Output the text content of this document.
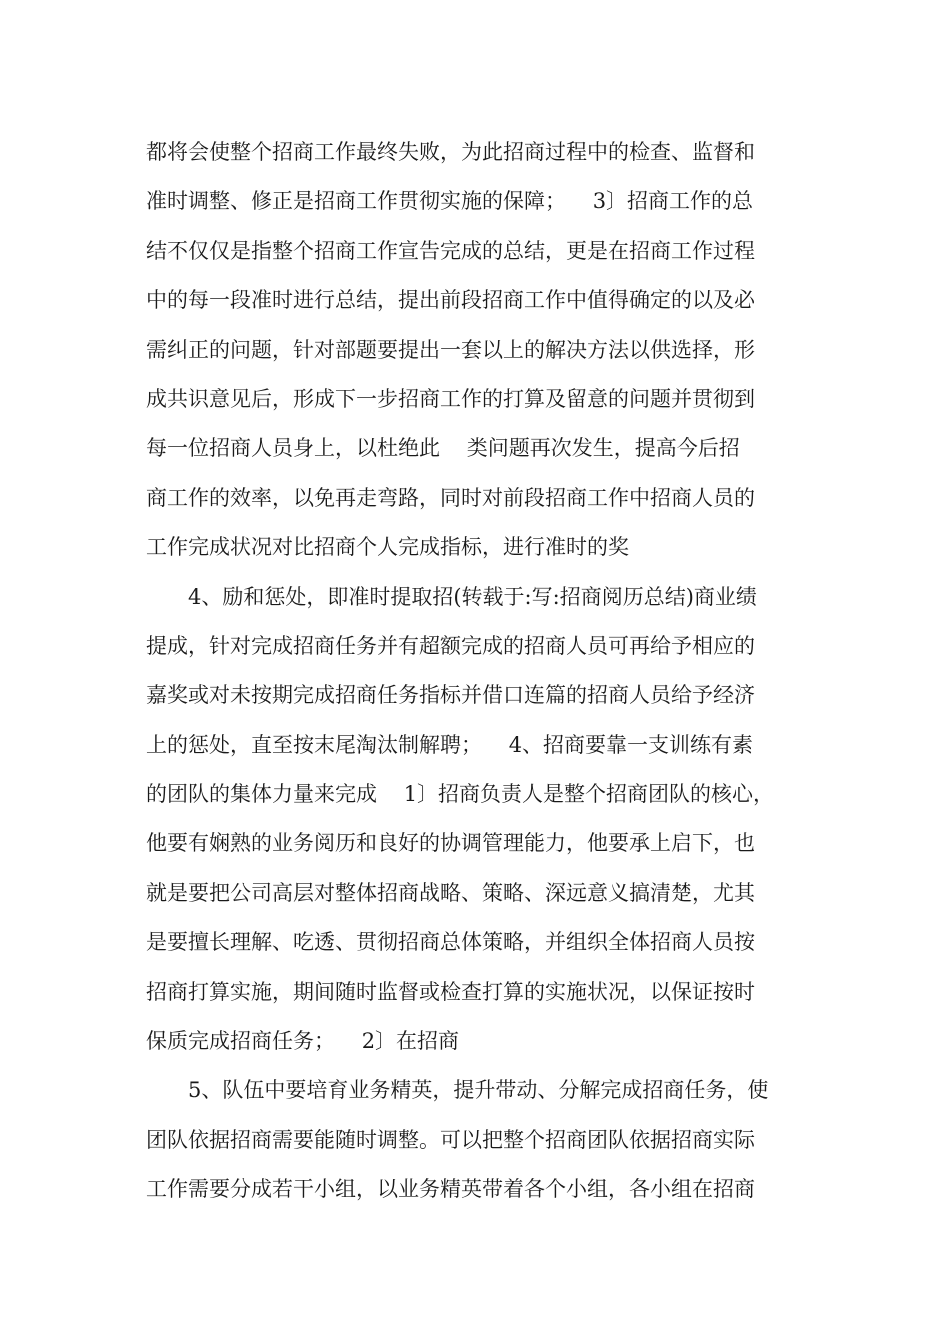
都将会使整个招商工作最终失败，为此招商过程中的检查、监督和
准时调整、修正是招商工作贯彻实施的保障；    3〕招商工作的总
结不仅仅是指整个招商工作宣告完成的总结，更是在招商工作过程
中的每一段准时进行总结，提出前段招商工作中值得确定的以及必
需纠正的问题，针对部题要提出一套以上的解决方法以供选择，形
成共识意见后，形成下一步招商工作的打算及留意的问题并贯彻到
每一位招商人员身上，以杜绝此    类问题再次发生，提高今后招
商工作的效率，以免再走弯路，同时对前段招商工作中招商人员的
工作完成状况对比招商个人完成指标，进行准时的奖
4、励和惩处，即准时提取招(转载于:写:招商阅历总结)商业绩
提成，针对完成招商任务并有超额完成的招商人员可再给予相应的
嘉奖或对未按期完成招商任务指标并借口连篇的招商人员给予经济
上的惩处，直至按末尾淘汰制解聘；    4、招商要靠一支训练有素
的团队的集体力量来完成    1〕招商负责人是整个招商团队的核心，
他要有娴熟的业务阅历和良好的协调管理能力，他要承上启下，也
就是要把公司高层对整体招商战略、策略、深远意义搞清楚，尤其
是要擅长理解、吃透、贯彻招商总体策略，并组织全体招商人员按
招商打算实施，期间随时监督或检查打算的实施状况，以保证按时
保质完成招商任务；    2〕在招商
5、队伍中要培育业务精英，提升带动、分解完成招商任务，使
团队依据招商需要能随时调整。可以把整个招商团队依据招商实际
工作需要分成若干小组，以业务精英带着各个小组，各小组在招商
